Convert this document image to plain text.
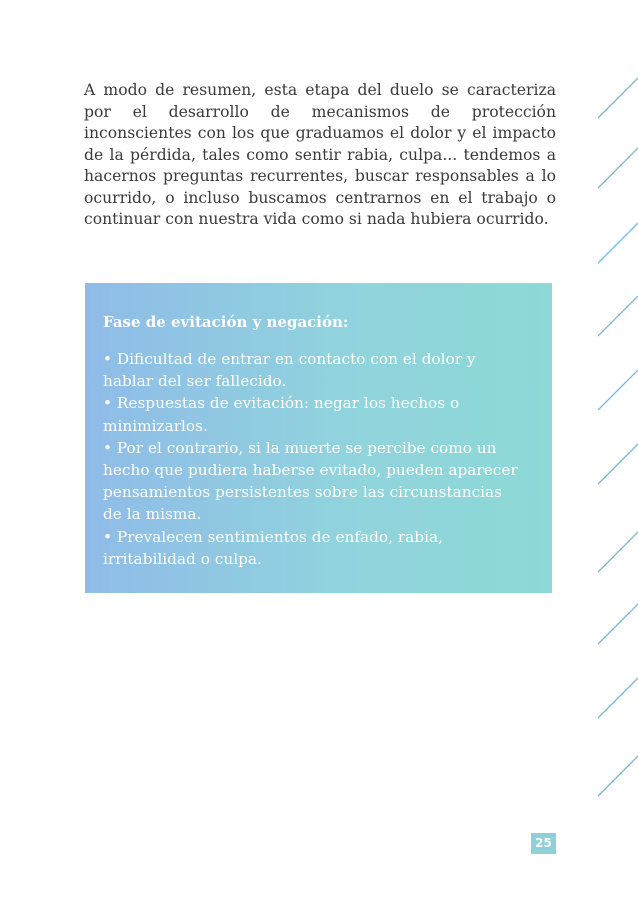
A modo de resumen, esta etapa del duelo se caracteriza por el desarrollo de mecanismos de protección inconscientes con los que graduamos el dolor y el impacto de la pérdida, tales como sentir rabia, culpa... tendemos a hacernos preguntas recurrentes, buscar responsables a lo ocurrido, o incluso buscamos centrarnos en el trabajo o continuar con nuestra vida como si nada hubiera ocurrido.

Fase de evitación y negación:

• Dificultad de entrar en contacto con el dolor y hablar del ser fallecido.
• Respuestas de evitación: negar los hechos o minimizarlos.
• Por el contrario, si la muerte se percibe como un hecho que pudiera haberse evitado, pueden aparecer pensamientos persistentes sobre las circunstancias de la misma.
• Prevalecen sentimientos de enfado, rabia, irritabilidad o culpa.
25
